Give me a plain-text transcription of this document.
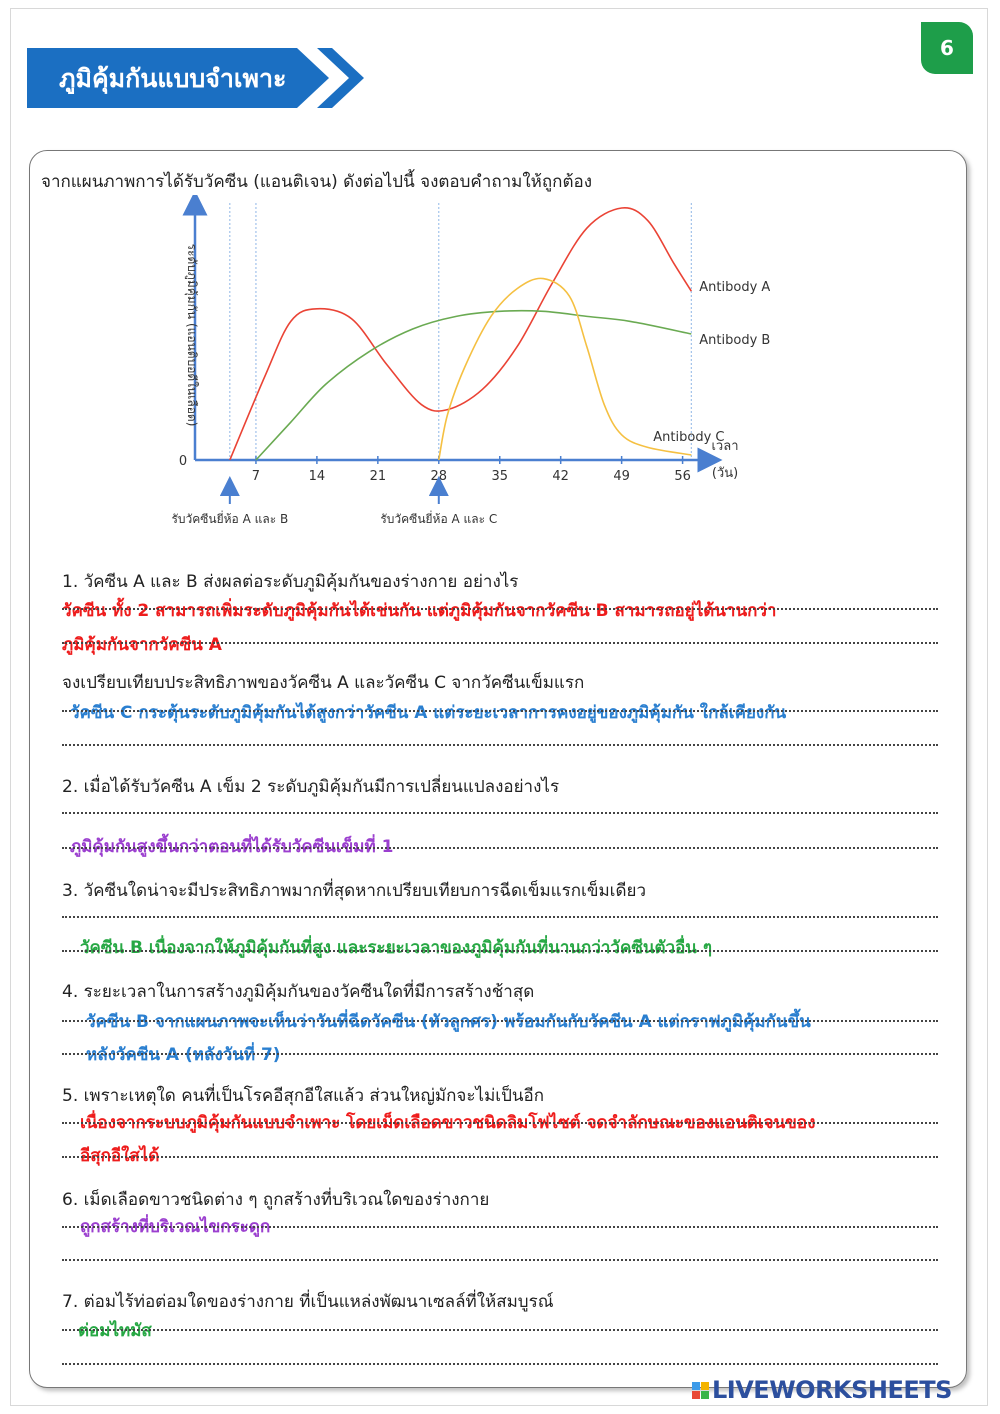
ภูมิคุ้มกันแบบจำเพาะ
6
จากแผนภาพการได้รับวัคซีน (แอนติเจน) ดังต่อไปนี้ จงตอบคำถามให้ถูกต้อง
7	14	21	28	35	42	49	56
0
ระดับภูมิคุ้มกัน (แอนติบอดีในเลือด)
เวลา
(วัน)
รับวัคซีนยี่ห้อ A และ B	รับวัคซีนยี่ห้อ A และ C
Antibody A
Antibody B
Antibody C
1. วัคซีน A และ B ส่งผลต่อระดับภูมิคุ้มกันของร่างกาย อย่างไร
วัคซีน ทั้ง 2 สามารถเพิ่มระดับภูมิคุ้มกันได้เช่นกัน แต่ภูมิคุ้มกันจากวัคซีน B สามารถอยู่ได้นานกว่า
ภูมิคุ้มกันจากวัคซีน A
จงเปรียบเทียบประสิทธิภาพของวัคซีน A และวัคซีน C จากวัคซีนเข็มแรก
วัคซีน C กระตุ้นระดับภูมิคุ้มกันได้สูงกว่าวัคซีน A แต่ระยะเวลาการคงอยู่ของภูมิคุ้มกัน ใกล้เคียงกัน
2. เมื่อได้รับวัคซีน A เข็ม 2 ระดับภูมิคุ้มกันมีการเปลี่ยนแปลงอย่างไร
ภูมิคุ้มกันสูงขึ้นกว่าตอนที่ได้รับวัคซีนเข็มที่ 1
3. วัคซีนใดน่าจะมีประสิทธิภาพมากที่สุดหากเปรียบเทียบการฉีดเข็มแรกเข็มเดียว
วัคซีน B เนื่องจากให้ภูมิคุ้มกันที่สูง และระยะเวลาของภูมิคุ้มกันที่นานกว่าวัคซีนตัวอื่น ๆ
4. ระยะเวลาในการสร้างภูมิคุ้มกันของวัคซีนใดที่มีการสร้างช้าสุด
วัคซีน B จากแผนภาพจะเห็นว่าวันที่ฉีดวัคซีน (หัวลูกศร) พร้อมกันกับวัคซีน A แต่กราฟภูมิคุ้มกันขึ้น
หลังวัคซีน A (หลังวันที่ 7)
5. เพราะเหตุใด คนที่เป็นโรคอีสุกอีใสแล้ว ส่วนใหญ่มักจะไม่เป็นอีก
เนื่องจากระบบภูมิคุ้มกันแบบจำเพาะ โดยเม็ดเลือดขาวชนิดลิมโฟไซต์ จดจำลักษณะของแอนติเจนของ
อีสุกอีใสได้
6. เม็ดเลือดขาวชนิดต่าง ๆ ถูกสร้างที่บริเวณใดของร่างกาย
ถูกสร้างที่บริเวณไขกระดูก
7. ต่อมไร้ท่อต่อมใดของร่างกาย ที่เป็นแหล่งพัฒนาเซลล์ที่ให้สมบูรณ์
ต่อมไทมัส
LIVEWORKSHEETS
